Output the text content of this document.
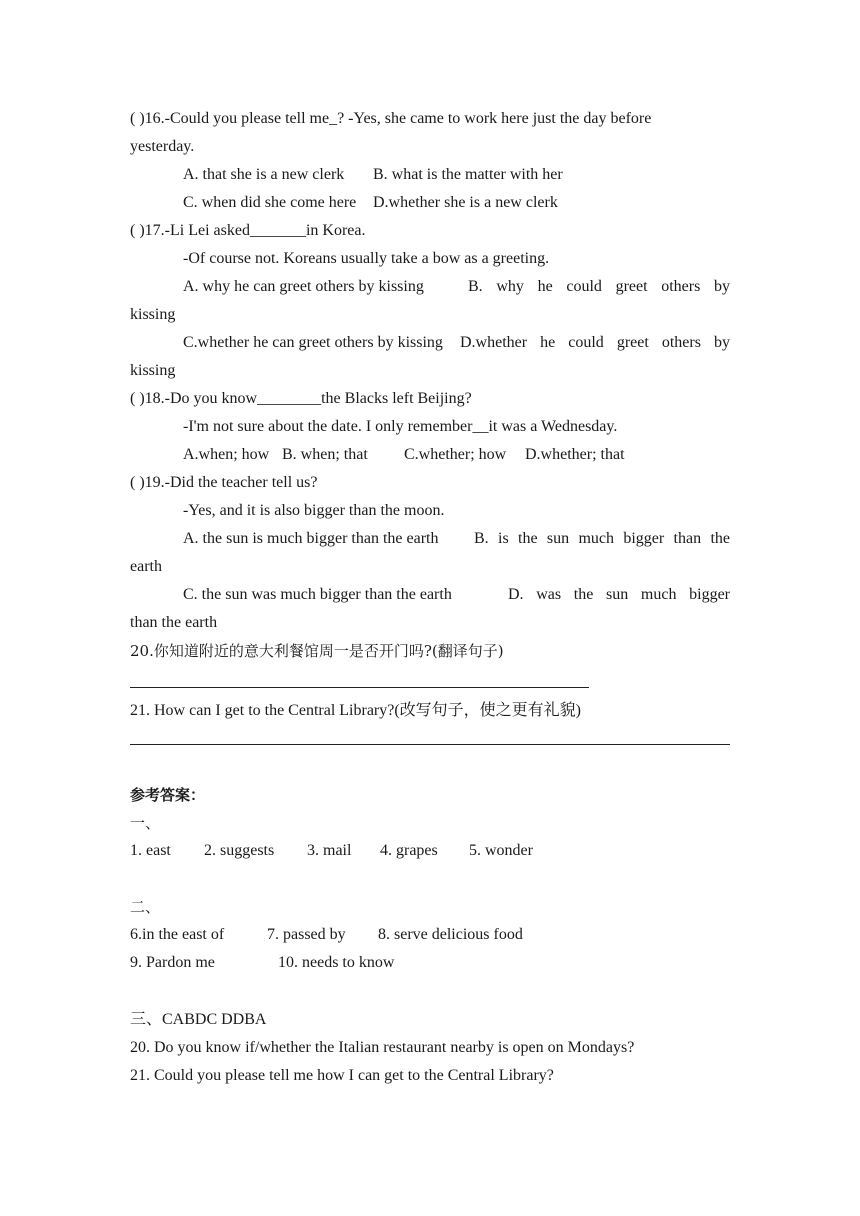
( )16.-Could you please tell me_? -Yes, she came to work here just the day before
yesterday.
A. that she is a new clerk B. what is the matter with her
C. when did she come here D.whether she is a new clerk
( )17.-Li Lei asked_______in Korea.
-Of course not. Koreans usually take a bow as a greeting.
A. why he can greet others by kissing	B. why he could greet others by
kissing
C.whether he can greet others by kissing D.whether he could greet others by
kissing
( )18.-Do you know________the Blacks left Beijing?
-I'm not sure about the date. I only remember__it was a Wednesday.
A.when; how B. when; that C.whether; how D.whether; that
( )19.-Did the teacher tell us?
-Yes, and it is also bigger than the moon.
A. the sun is much bigger than the earth B. is the sun much bigger than the
earth
C. the sun was much bigger than the earth	D. was the sun much bigger
than the earth
20.你知道附近的意大利餐馆周一是否开门吗?(翻译句子)
21. How can I get to the Central Library?(改写句子，使之更有礼貌)
参考答案：
一、
1. east 2. suggests 3. mail 4. grapes 5. wonder
二、
6.in the east of	7. passed by 8. serve delicious food
9. Pardon me	10. needs to know
三、CABDC DDBA
20. Do you know if/whether the Italian restaurant nearby is open on Mondays?
21. Could you please tell me how I can get to the Central Library?
